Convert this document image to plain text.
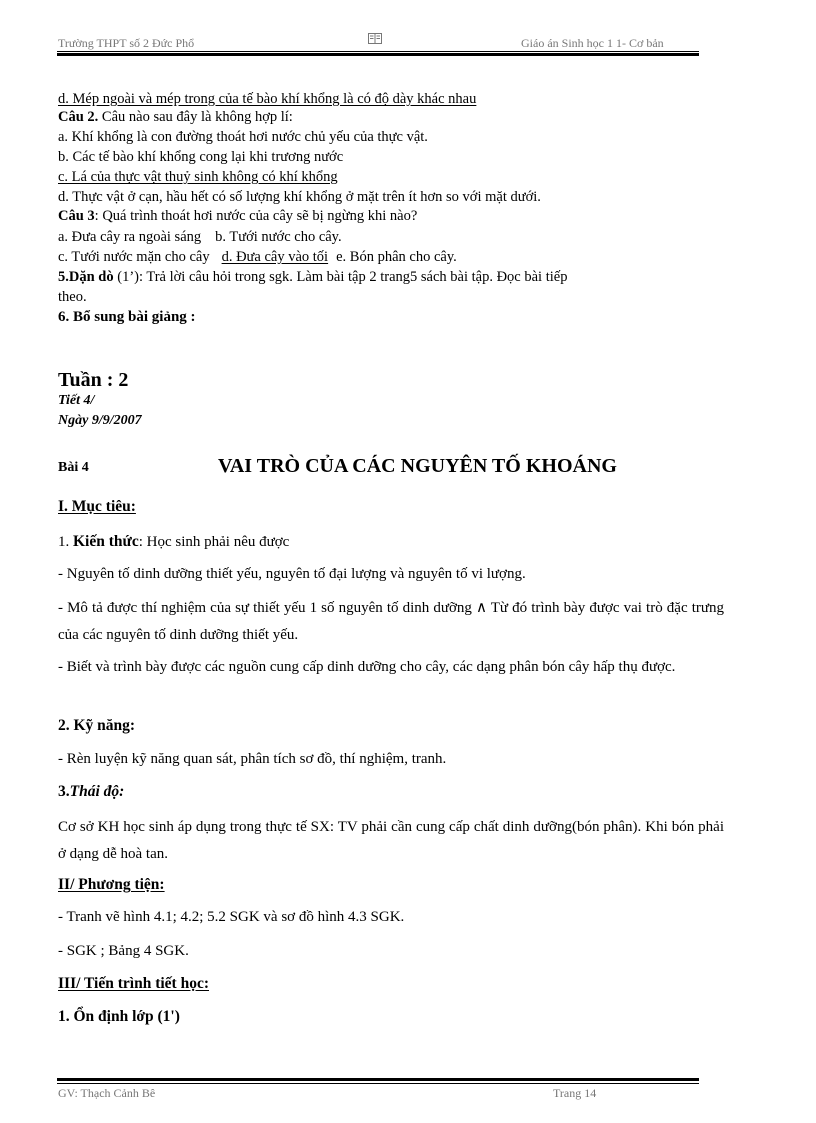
Trường THPT số 2 Đức Phổ	Giáo án Sinh học 1 1- Cơ bản
d. Mép ngoài và mép trong của tế bào khí khổng là có độ dày khác nhau
Câu 2. Câu nào sau đây là không hợp lí:
a. Khí khổng là con đường thoát hơi nước chủ yếu của thực vật.
b. Các tế bào khí khổng cong lại khi trương nước
c. Lá của thực vật thuỷ sinh không có khí khổng
d. Thực vật ở cạn, hầu hết có số lượng khí khổng ở mặt trên ít hơn so với mặt dưới.
Câu 3: Quá trình thoát hơi nước của cây sẽ bị ngừng khi nào?
a. Đưa cây ra ngoài sáng b. Tưới nước cho cây.
c. Tưới nước mặn cho cây d. Đưa cây vào tối e. Bón phân cho cây.
5.Dặn dò (1’): Trả lời câu hỏi trong sgk. Làm bài tập 2 trang5 sách bài tập. Đọc bài tiếp
theo.
6. Bổ sung bài giảng :
Tuần : 2
Tiết 4/
Ngày 9/9/2007
Bài 4	VAI TRÒ CỦA CÁC NGUYÊN TỐ KHOÁNG
I. Mục tiêu:
1. Kiến thức: Học sinh phải nêu được
- Nguyên tố dinh dưỡng thiết yếu, nguyên tố đại lượng và nguyên tố vi lượng.
- Mô tả được thí nghiệm của sự thiết yếu 1 số nguyên tố dinh dưỡng ∧ Từ đó trình bày được vai trò đặc trưng của các nguyên tố dinh dưỡng thiết yếu.
- Biết và trình bày được các nguồn cung cấp dinh dưỡng cho cây, các dạng phân bón cây hấp thụ được.
2. Kỹ năng:
- Rèn luyện kỹ năng quan sát, phân tích sơ đồ, thí nghiệm, tranh.
3.Thái độ:
Cơ sở KH học sinh áp dụng trong thực tế SX: TV phải cần cung cấp chất dinh dưỡng(bón phân). Khi bón phải ở dạng dễ hoà tan.
II/ Phương tiện:
- Tranh vẽ hình 4.1; 4.2; 5.2 SGK và sơ đồ hình 4.3 SGK.
- SGK ; Bảng 4 SGK.
III/ Tiến trình tiết học:
1. Ổn định lớp (1')
GV: Thạch Cảnh Bê	Trang 14
